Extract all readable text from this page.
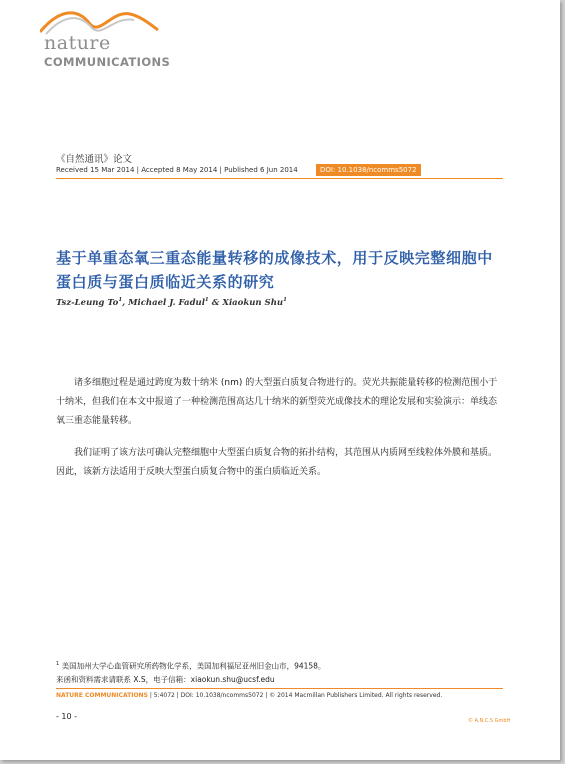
nature
COMMUNICATIONS
《自然通讯》论文
Received 15 Mar 2014 | Accepted 8 May 2014 | Published 6 Jun 2014	DOI: 10.1038/ncomms5072
基于单重态氧三重态能量转移的成像技术，用于反映完整细胞中蛋白质与蛋白质临近关系的研究
Tsz-Leung To$^1$, Michael J. Fadul$^1$ & Xiaokun Shu$^1$

诸多细胞过程是通过跨度为数十纳米 (nm) 的大型蛋白质复合物进行的。荧光共振能量转移的检测范围小于十纳米，但我们在本文中报道了一种检测范围高达几十纳米的新型荧光成像技术的理论发展和实验演示：单线态氧三重态能量转移。

我们证明了该方法可确认完整细胞中大型蛋白质复合物的拓扑结构，其范围从内质网至线粒体外膜和基质。因此，该新方法适用于反映大型蛋白质复合物中的蛋白质临近关系。

$^1$ 美国加州大学心血管研究所药物化学系，美国加利福尼亚州旧金山市，94158。
来函和资料需求请联系 X.S，电子信箱：xiaokun.shu@ucsf.edu
NATURE COMMUNICATIONS | 5:4072 | DOI: 10.1038/ncomms5072 | © 2014 Macmillan Publishers Limited. All rights reserved.
- 10 -	© A.N.C.S GmbH
